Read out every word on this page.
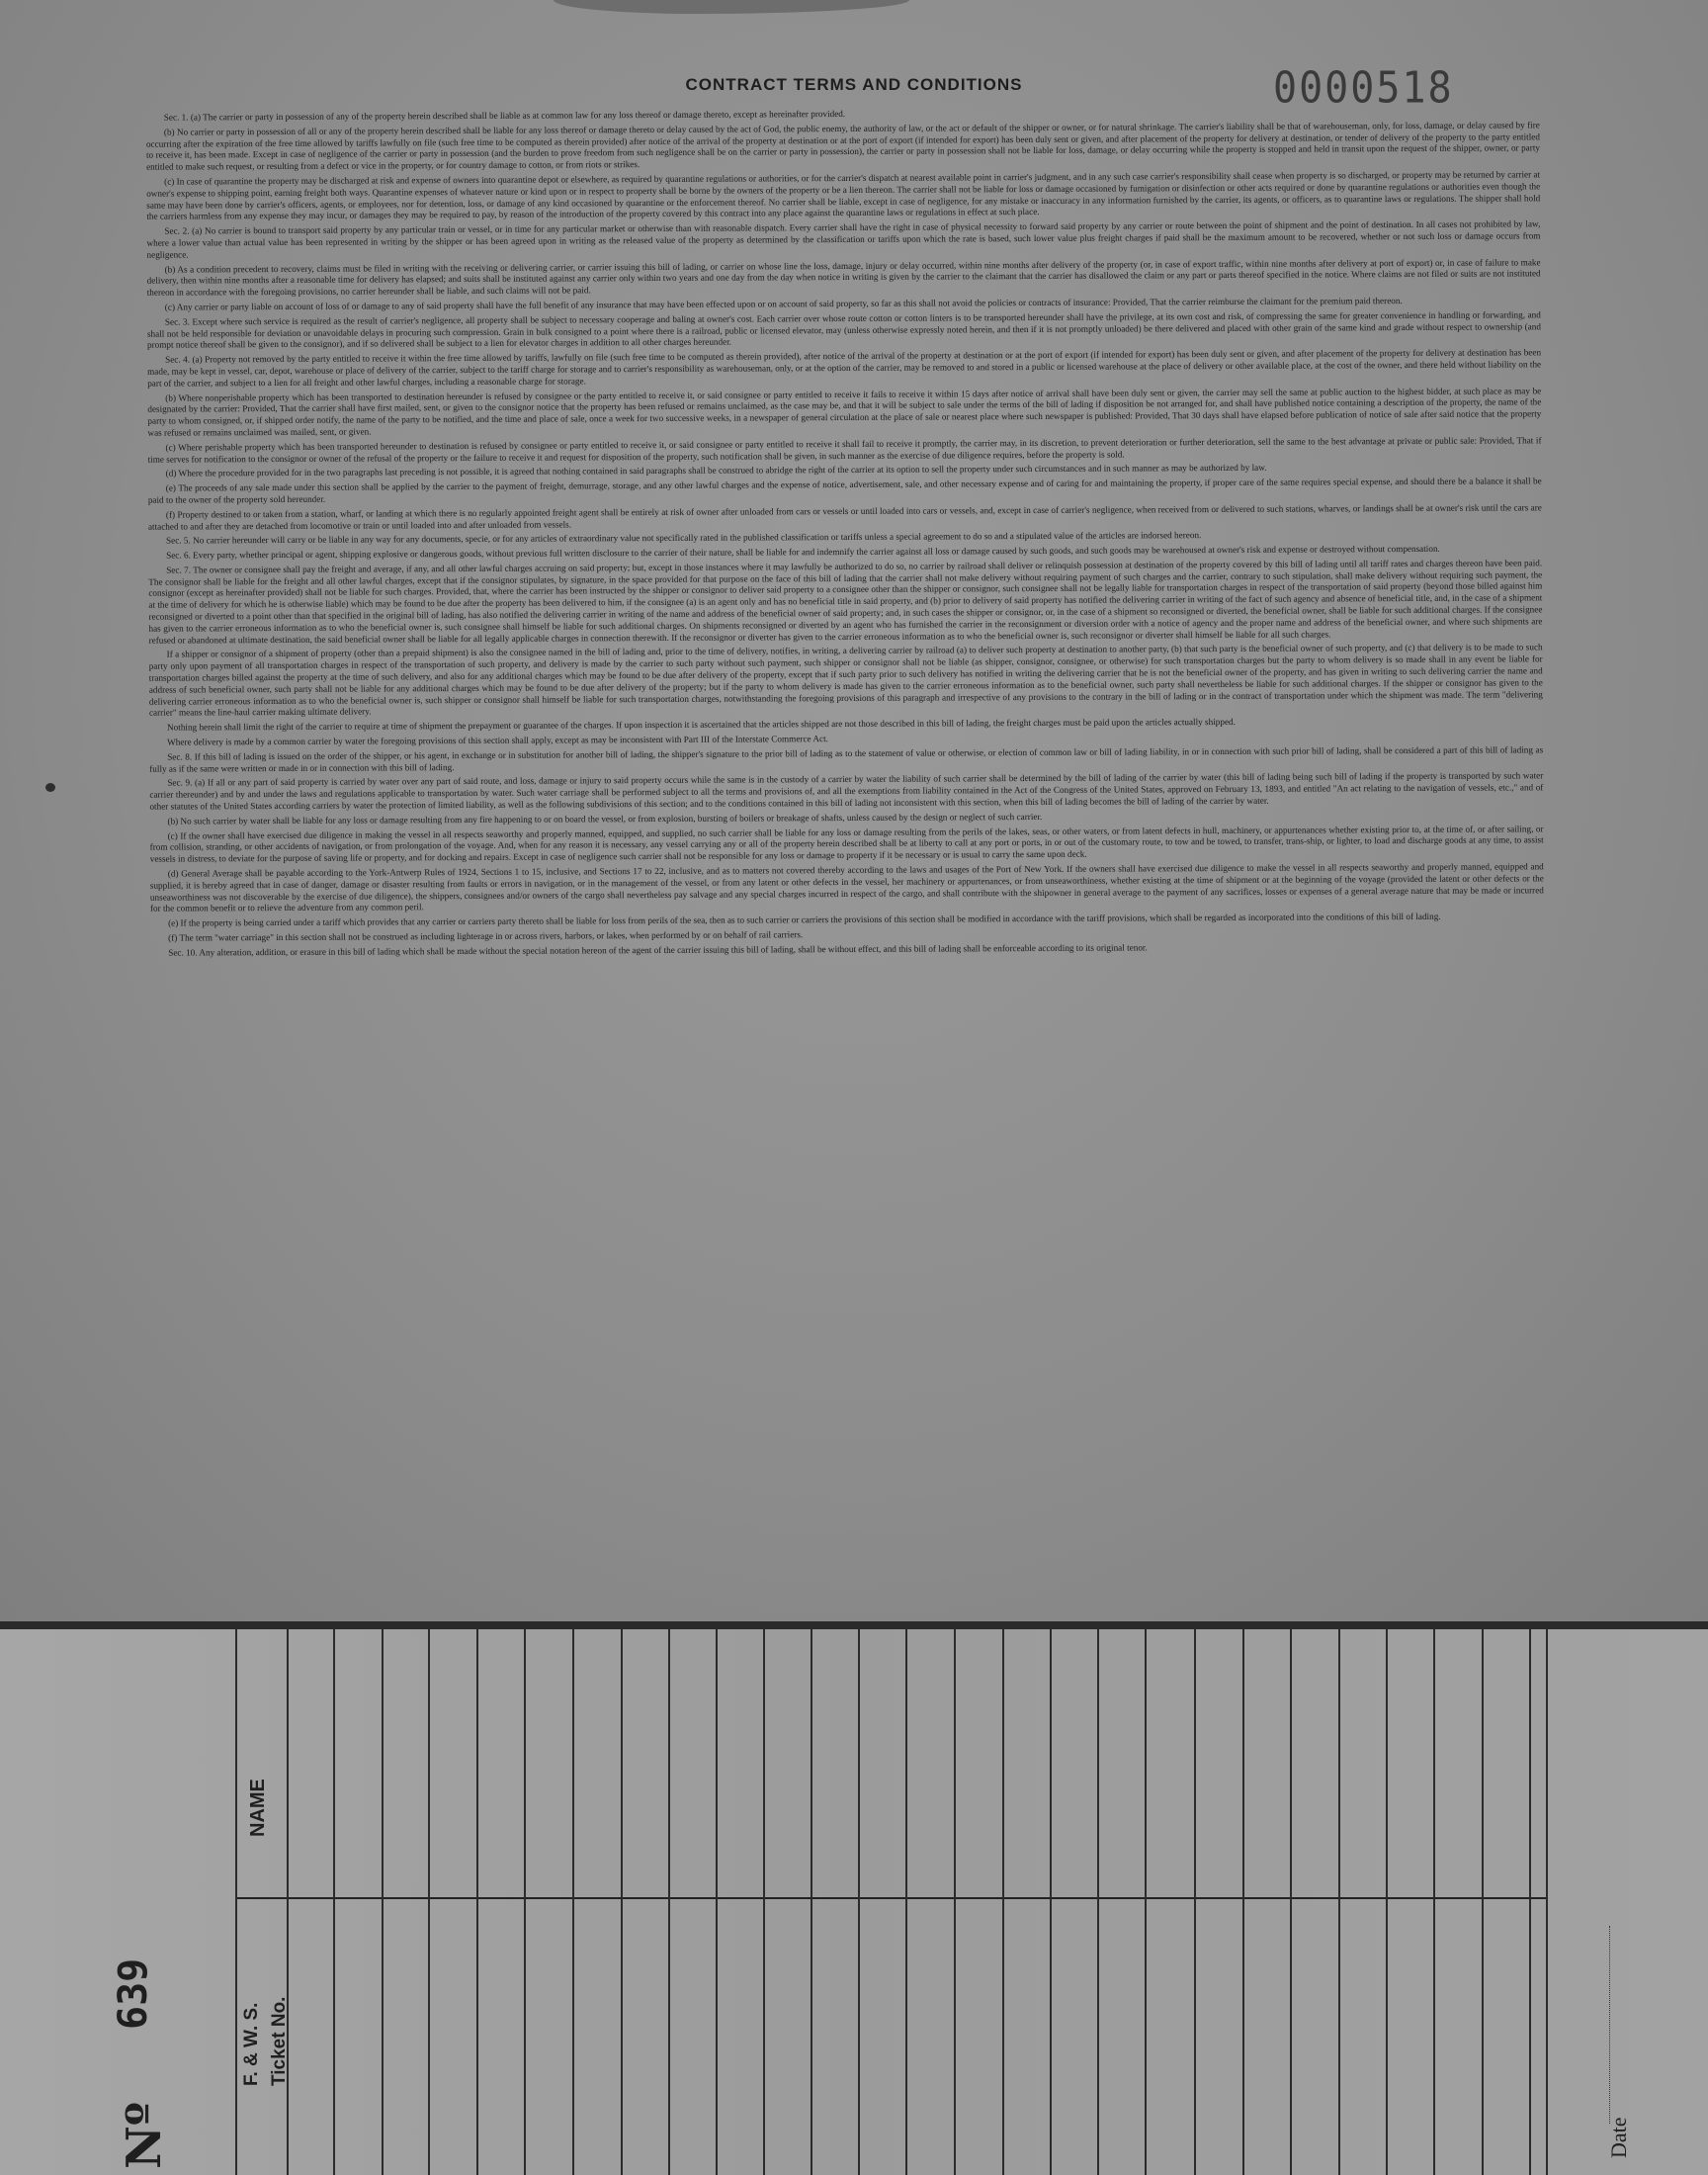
CONTRACT TERMS AND CONDITIONS	0000518

Sec. 1. (a) The carrier or party in possession of any of the property herein described shall be liable as at common law for any loss thereof or damage thereto, except as hereinafter provided.

(b) No carrier or party in possession of all or any of the property herein described shall be liable for any loss thereof or damage thereto or delay caused by the act of God, the public enemy, the authority of law, or the act or default of the shipper or owner, or for natural shrinkage. The carrier's liability shall be that of warehouseman, only, for loss, damage, or delay caused by fire occurring after the expiration of the free time allowed by tariffs lawfully on file (such free time to be computed as therein provided) after notice of the arrival of the property at destination or at the port of export (if intended for export) has been duly sent or given, and after placement of the property for delivery at destination, or tender of delivery of the property to the party entitled to receive it, has been made. Except in case of negligence of the carrier or party in possession (and the burden to prove freedom from such negligence shall be on the carrier or party in possession), the carrier or party in possession shall not be liable for loss, damage, or delay occurring while the property is stopped and held in transit upon the request of the shipper, owner, or party entitled to make such request, or resulting from a defect or vice in the property, or for country damage to cotton, or from riots or strikes.

(c) In case of quarantine the property may be discharged at risk and expense of owners into quarantine depot or elsewhere, as required by quarantine regulations or authorities, or for the carrier's dispatch at nearest available point in carrier's judgment, and in any such case carrier's responsibility shall cease when property is so discharged, or property may be returned by carrier at owner's expense to shipping point, earning freight both ways. Quarantine expenses of whatever nature or kind upon or in respect to property shall be borne by the owners of the property or be a lien thereon. The carrier shall not be liable for loss or damage occasioned by fumigation or disinfection or other acts required or done by quarantine regulations or authorities even though the same may have been done by carrier's officers, agents, or employees, nor for detention, loss, or damage of any kind occasioned by quarantine or the enforcement thereof. No carrier shall be liable, except in case of negligence, for any mistake or inaccuracy in any information furnished by the carrier, its agents, or officers, as to quarantine laws or regulations. The shipper shall hold the carriers harmless from any expense they may incur, or damages they may be required to pay, by reason of the introduction of the property covered by this contract into any place against the quarantine laws or regulations in effect at such place.

Sec. 2. (a) No carrier is bound to transport said property by any particular train or vessel, or in time for any particular market or otherwise than with reasonable dispatch. Every carrier shall have the right in case of physical necessity to forward said property by any carrier or route between the point of shipment and the point of destination. In all cases not prohibited by law, where a lower value than actual value has been represented in writing by the shipper or has been agreed upon in writing as the released value of the property as determined by the classification or tariffs upon which the rate is based, such lower value plus freight charges if paid shall be the maximum amount to be recovered, whether or not such loss or damage occurs from negligence.

(b) As a condition precedent to recovery, claims must be filed in writing with the receiving or delivering carrier, or carrier issuing this bill of lading, or carrier on whose line the loss, damage, injury or delay occurred, within nine months after delivery of the property (or, in case of export traffic, within nine months after delivery at port of export) or, in case of failure to make delivery, then within nine months after a reasonable time for delivery has elapsed; and suits shall be instituted against any carrier only within two years and one day from the day when notice in writing is given by the carrier to the claimant that the carrier has disallowed the claim or any part or parts thereof specified in the notice. Where claims are not filed or suits are not instituted thereon in accordance with the foregoing provisions, no carrier hereunder shall be liable, and such claims will not be paid.

(c) Any carrier or party liable on account of loss of or damage to any of said property shall have the full benefit of any insurance that may have been effected upon or on account of said property, so far as this shall not avoid the policies or contracts of insurance: Provided, That the carrier reimburse the claimant for the premium paid thereon.

Sec. 3. Except where such service is required as the result of carrier's negligence, all property shall be subject to necessary cooperage and baling at owner's cost. Each carrier over whose route cotton or cotton linters is to be transported hereunder shall have the privilege, at its own cost and risk, of compressing the same for greater convenience in handling or forwarding, and shall not be held responsible for deviation or unavoidable delays in procuring such compression. Grain in bulk consigned to a point where there is a railroad, public or licensed elevator, may (unless otherwise expressly noted herein, and then if it is not promptly unloaded) be there delivered and placed with other grain of the same kind and grade without respect to ownership (and prompt notice thereof shall be given to the consignor), and if so delivered shall be subject to a lien for elevator charges in addition to all other charges hereunder.

Sec. 4. (a) Property not removed by the party entitled to receive it within the free time allowed by tariffs, lawfully on file (such free time to be computed as therein provided), after notice of the arrival of the property at destination or at the port of export (if intended for export) has been duly sent or given, and after placement of the property for delivery at destination has been made, may be kept in vessel, car, depot, warehouse or place of delivery of the carrier, subject to the tariff charge for storage and to carrier's responsibility as warehouseman, only, or at the option of the carrier, may be removed to and stored in a public or licensed warehouse at the place of delivery or other available place, at the cost of the owner, and there held without liability on the part of the carrier, and subject to a lien for all freight and other lawful charges, including a reasonable charge for storage.

(b) Where nonperishable property which has been transported to destination hereunder is refused by consignee or the party entitled to receive it, or said consignee or party entitled to receive it fails to receive it within 15 days after notice of arrival shall have been duly sent or given, the carrier may sell the same at public auction to the highest bidder, at such place as may be designated by the carrier: Provided, That the carrier shall have first mailed, sent, or given to the consignor notice that the property has been refused or remains unclaimed, as the case may be, and that it will be subject to sale under the terms of the bill of lading if disposition be not arranged for, and shall have published notice containing a description of the property, the name of the party to whom consigned, or, if shipped order notify, the name of the party to be notified, and the time and place of sale, once a week for two successive weeks, in a newspaper of general circulation at the place of sale or nearest place where such newspaper is published: Provided, That 30 days shall have elapsed before publication of notice of sale after said notice that the property was refused or remains unclaimed was mailed, sent, or given.

(c) Where perishable property which has been transported hereunder to destination is refused by consignee or party entitled to receive it, or said consignee or party entitled to receive it shall fail to receive it promptly, the carrier may, in its discretion, to prevent deterioration or further deterioration, sell the same to the best advantage at private or public sale: Provided, That if time serves for notification to the consignor or owner of the refusal of the property or the failure to receive it and request for disposition of the property, such notification shall be given, in such manner as the exercise of due diligence requires, before the property is sold.

(d) Where the procedure provided for in the two paragraphs last preceding is not possible, it is agreed that nothing contained in said paragraphs shall be construed to abridge the right of the carrier at its option to sell the property under such circumstances and in such manner as may be authorized by law.

(e) The proceeds of any sale made under this section shall be applied by the carrier to the payment of freight, demurrage, storage, and any other lawful charges and the expense of notice, advertisement, sale, and other necessary expense and of caring for and maintaining the property, if proper care of the same requires special expense, and should there be a balance it shall be paid to the owner of the property sold hereunder.

(f) Property destined to or taken from a station, wharf, or landing at which there is no regularly appointed freight agent shall be entirely at risk of owner after unloaded from cars or vessels or until loaded into cars or vessels, and, except in case of carrier's negligence, when received from or delivered to such stations, wharves, or landings shall be at owner's risk until the cars are attached to and after they are detached from locomotive or train or until loaded into and after unloaded from vessels.

Sec. 5. No carrier hereunder will carry or be liable in any way for any documents, specie, or for any articles of extraordinary value not specifically rated in the published classification or tariffs unless a special agreement to do so and a stipulated value of the articles are indorsed hereon.

Sec. 6. Every party, whether principal or agent, shipping explosive or dangerous goods, without previous full written disclosure to the carrier of their nature, shall be liable for and indemnify the carrier against all loss or damage caused by such goods, and such goods may be warehoused at owner's risk and expense or destroyed without compensation.

Sec. 7. The owner or consignee shall pay the freight and average, if any, and all other lawful charges accruing on said property; but, except in those instances where it may lawfully be authorized to do so, no carrier by railroad shall deliver or relinquish possession at destination of the property covered by this bill of lading until all tariff rates and charges thereon have been paid. The consignor shall be liable for the freight and all other lawful charges, except that if the consignor stipulates, by signature, in the space provided for that purpose on the face of this bill of lading that the carrier shall not make delivery without requiring payment of such charges and the carrier, contrary to such stipulation, shall make delivery without requiring such payment, the consignor (except as hereinafter provided) shall not be liable for such charges. Provided, that, where the carrier has been instructed by the shipper or consignor to deliver said property to a consignee other than the shipper or consignor, such consignee shall not be legally liable for transportation charges in respect of the transportation of said property (beyond those billed against him at the time of delivery for which he is otherwise liable) which may be found to be due after the property has been delivered to him, if the consignee (a) is an agent only and has no beneficial title in said property, and (b) prior to delivery of said property has notified the delivering carrier in writing of the fact of such agency and absence of beneficial title, and, in the case of a shipment reconsigned or diverted to a point other than that specified in the original bill of lading, has also notified the delivering carrier in writing of the name and address of the beneficial owner of said property; and, in such cases the shipper or consignor, or, in the case of a shipment so reconsigned or diverted, the beneficial owner, shall be liable for such additional charges. If the consignee has given to the carrier erroneous information as to who the beneficial owner is, such consignee shall himself be liable for such additional charges. On shipments reconsigned or diverted by an agent who has furnished the carrier in the reconsignment or diversion order with a notice of agency and the proper name and address of the beneficial owner, and where such shipments are refused or abandoned at ultimate destination, the said beneficial owner shall be liable for all legally applicable charges in connection therewith. If the reconsignor or diverter has given to the carrier erroneous information as to who the beneficial owner is, such reconsignor or diverter shall himself be liable for all such charges.

If a shipper or consignor of a shipment of property (other than a prepaid shipment) is also the consignee named in the bill of lading and, prior to the time of delivery, notifies, in writing, a delivering carrier by railroad (a) to deliver such property at destination to another party, (b) that such party is the beneficial owner of such property, and (c) that delivery is to be made to such party only upon payment of all transportation charges in respect of the transportation of such property, and delivery is made by the carrier to such party without such payment, such shipper or consignor shall not be liable (as shipper, consignor, consignee, or otherwise) for such transportation charges but the party to whom delivery is so made shall in any event be liable for transportation charges billed against the property at the time of such delivery, and also for any additional charges which may be found to be due after delivery of the property, except that if such party prior to such delivery has notified in writing the delivering carrier that he is not the beneficial owner of the property, and has given in writing to such delivering carrier the name and address of such beneficial owner, such party shall not be liable for any additional charges which may be found to be due after delivery of the property; but if the party to whom delivery is made has given to the carrier erroneous information as to the beneficial owner, such party shall nevertheless be liable for such additional charges. If the shipper or consignor has given to the delivering carrier erroneous information as to who the beneficial owner is, such shipper or consignor shall himself be liable for such transportation charges, notwithstanding the foregoing provisions of this paragraph and irrespective of any provisions to the contrary in the bill of lading or in the contract of transportation under which the shipment was made. The term "delivering carrier" means the line-haul carrier making ultimate delivery.

Nothing herein shall limit the right of the carrier to require at time of shipment the prepayment or guarantee of the charges. If upon inspection it is ascertained that the articles shipped are not those described in this bill of lading, the freight charges must be paid upon the articles actually shipped.

Where delivery is made by a common carrier by water the foregoing provisions of this section shall apply, except as may be inconsistent with Part III of the Interstate Commerce Act.

Sec. 8. If this bill of lading is issued on the order of the shipper, or his agent, in exchange or in substitution for another bill of lading, the shipper's signature to the prior bill of lading as to the statement of value or otherwise, or election of common law or bill of lading liability, in or in connection with such prior bill of lading, shall be considered a part of this bill of lading as fully as if the same were written or made in or in connection with this bill of lading.

Sec. 9. (a) If all or any part of said property is carried by water over any part of said route, and loss, damage or injury to said property occurs while the same is in the custody of a carrier by water the liability of such carrier shall be determined by the bill of lading of the carrier by water (this bill of lading being such bill of lading if the property is transported by such water carrier thereunder) and by and under the laws and regulations applicable to transportation by water. Such water carriage shall be performed subject to all the terms and provisions of, and all the exemptions from liability contained in the Act of the Congress of the United States, approved on February 13, 1893, and entitled "An act relating to the navigation of vessels, etc.," and of other statutes of the United States according carriers by water the protection of limited liability, as well as the following subdivisions of this section; and to the conditions contained in this bill of lading not inconsistent with this section, when this bill of lading becomes the bill of lading of the carrier by water.

(b) No such carrier by water shall be liable for any loss or damage resulting from any fire happening to or on board the vessel, or from explosion, bursting of boilers or breakage of shafts, unless caused by the design or neglect of such carrier.

(c) If the owner shall have exercised due diligence in making the vessel in all respects seaworthy and properly manned, equipped, and supplied, no such carrier shall be liable for any loss or damage resulting from the perils of the lakes, seas, or other waters, or from latent defects in hull, machinery, or appurtenances whether existing prior to, at the time of, or after sailing, or from collision, stranding, or other accidents of navigation, or from prolongation of the voyage. And, when for any reason it is necessary, any vessel carrying any or all of the property herein described shall be at liberty to call at any port or ports, in or out of the customary route, to tow and be towed, to transfer, trans-ship, or lighter, to load and discharge goods at any time, to assist vessels in distress, to deviate for the purpose of saving life or property, and for docking and repairs. Except in case of negligence such carrier shall not be responsible for any loss or damage to property if it be necessary or is usual to carry the same upon deck.

(d) General Average shall be payable according to the York-Antwerp Rules of 1924, Sections 1 to 15, inclusive, and Sections 17 to 22, inclusive, and as to matters not covered thereby according to the laws and usages of the Port of New York. If the owners shall have exercised due diligence to make the vessel in all respects seaworthy and properly manned, equipped and supplied, it is hereby agreed that in case of danger, damage or disaster resulting from faults or errors in navigation, or in the management of the vessel, or from any latent or other defects in the vessel, her machinery or appurtenances, or from unseaworthiness, whether existing at the time of shipment or at the beginning of the voyage (provided the latent or other defects or the unseaworthiness was not discoverable by the exercise of due diligence), the shippers, consignees and/or owners of the cargo shall nevertheless pay salvage and any special charges incurred in respect of the cargo, and shall contribute with the shipowner in general average to the payment of any sacrifices, losses or expenses of a general average nature that may be made or incurred for the common benefit or to relieve the adventure from any common peril.

(e) If the property is being carried under a tariff which provides that any carrier or carriers party thereto shall be liable for loss from perils of the sea, then as to such carrier or carriers the provisions of this section shall be modified in accordance with the tariff provisions, which shall be regarded as incorporated into the conditions of this bill of lading.

(f) The term "water carriage" in this section shall not be construed as including lighterage in or across rivers, harbors, or lakes, when performed by or on behalf of rail carriers.

Sec. 10. Any alteration, addition, or erasure in this bill of lading which shall be made without the special notation hereon of the agent of the carrier issuing this bill of lading, shall be without effect, and this bill of lading shall be enforceable according to its original tenor.

Nº
639
F. & W. S. Ticket No.
NAME
Date
